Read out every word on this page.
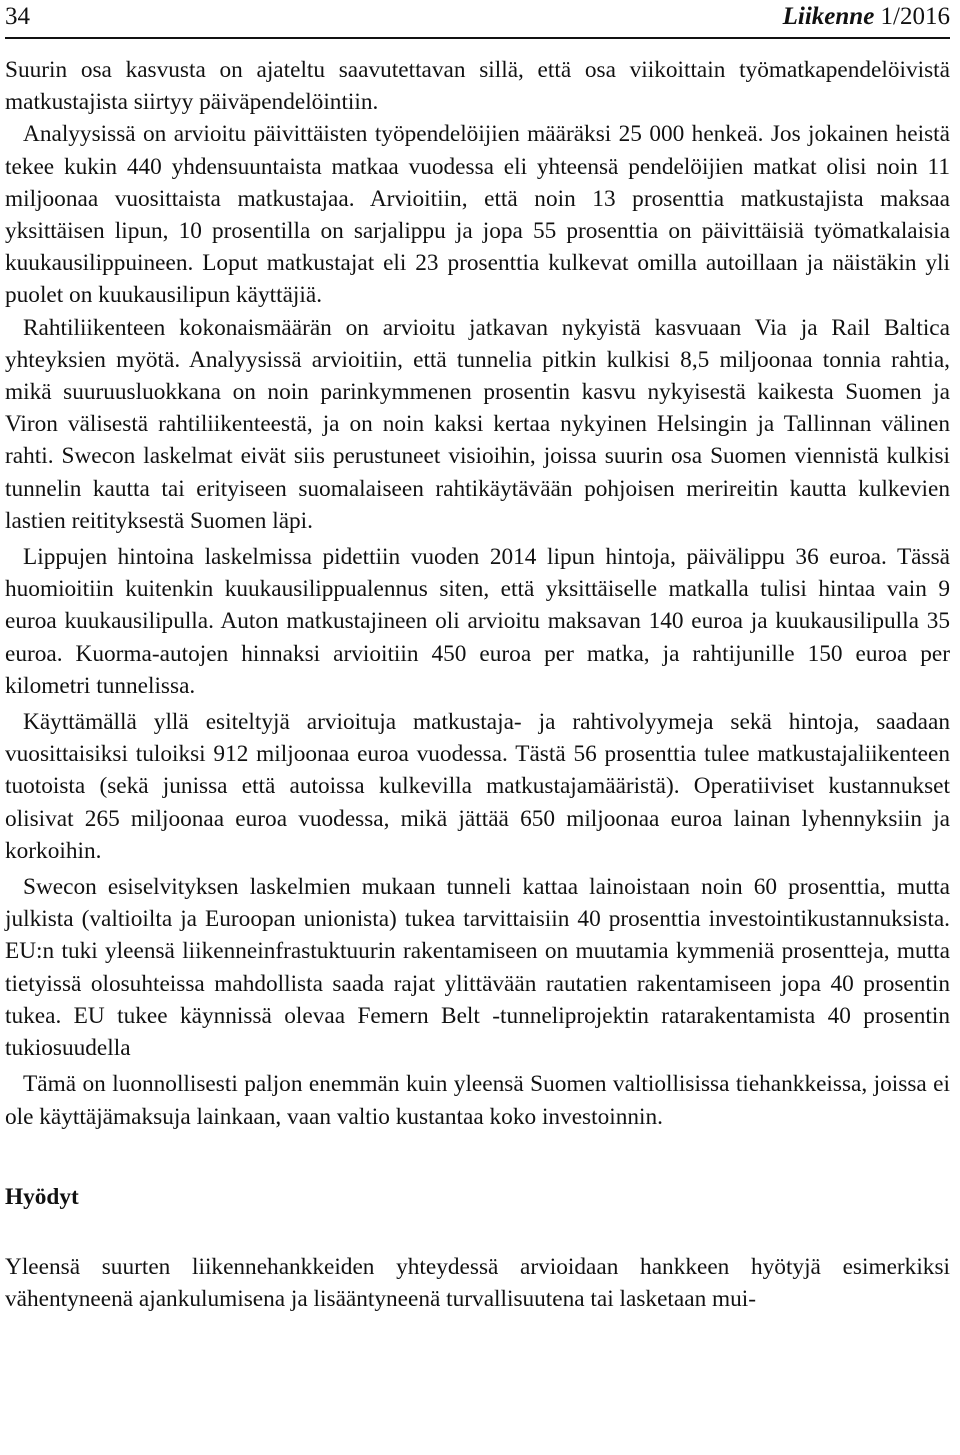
34	Liikenne 1/2016

Suurin osa kasvusta on ajateltu saavutettavan sillä, että osa viikoittain työmatkapendelöivistä matkustajista siirtyy päiväpendelöintiin.

Analyysissä on arvioitu päivittäisten työpendelöijien määräksi 25 000 henkeä. Jos jokainen heistä tekee kukin 440 yhdensuuntaista matkaa vuodessa eli yhteensä pendelöijien matkat olisi noin 11 miljoonaa vuosittaista matkustajaa. Arvioitiin, että noin 13 prosenttia matkustajista maksaa yksittäisen lipun, 10 prosentilla on sarjalippu ja jopa 55 prosenttia on päivittäisiä työmatkalaisia kuukausilippuineen. Loput matkustajat eli 23 prosenttia kulkevat omilla autoillaan ja näistäkin yli puolet on kuukausilipun käyttäjiä.

Rahtiliikenteen kokonaismäärän on arvioitu jatkavan nykyistä kasvuaan Via ja Rail Baltica yhteyksien myötä. Analyysissä arvioitiin, että tunnelia pitkin kulkisi 8,5 miljoonaa tonnia rahtia, mikä suuruusluokkana on noin parinkymmenen prosentin kasvu nykyisestä kaikesta Suomen ja Viron välisestä rahtiliikenteestä, ja on noin kaksi kertaa nykyinen Helsingin ja Tallinnan välinen rahti. Swecon laskelmat eivät siis perustuneet visioihin, joissa suurin osa Suomen viennistä kulkisi tunnelin kautta tai erityiseen suomalaiseen rahtikäytävään pohjoisen merireitin kautta kulkevien lastien reitityksestä Suomen läpi.

Lippujen hintoina laskelmissa pidettiin vuoden 2014 lipun hintoja, päivälippu 36 euroa. Tässä huomioitiin kuitenkin kuukausilippualennus siten, että yksittäiselle matkalla tulisi hintaa vain 9 euroa kuukausilipulla. Auton matkustajineen oli arvioitu maksavan 140 euroa ja kuukausilipulla 35 euroa. Kuorma-autojen hinnaksi arvioitiin 450 euroa per matka, ja rahtijunille 150 euroa per kilometri tunnelissa.

Käyttämällä yllä esiteltyjä arvioituja matkustaja- ja rahtivolyymeja sekä hintoja, saadaan vuosittaisiksi tuloiksi 912 miljoonaa euroa vuodessa. Tästä 56 prosenttia tulee matkustajaliikenteen tuotoista (sekä junissa että autoissa kulkevilla matkustajamääristä). Operatiiviset kustannukset olisivat 265 miljoonaa euroa vuodessa, mikä jättää 650 miljoonaa euroa lainan lyhennyksiin ja korkoihin.

Swecon esiselvityksen laskelmien mukaan tunneli kattaa lainoistaan noin 60 prosenttia, mutta julkista (valtioilta ja Euroopan unionista) tukea tarvittaisiin 40 prosenttia investointikustannuksista. EU:n tuki yleensä liikenneinfrastuktuurin rakentamiseen on muutamia kymmeniä prosentteja, mutta tietyissä olosuhteissa mahdollista saada rajat ylittävään rautatien rakentamiseen jopa 40 prosentin tukea. EU tukee käynnissä olevaa Femern Belt -tunneliprojektin ratarakentamista 40 prosentin tukiosuudella

Tämä on luonnollisesti paljon enemmän kuin yleensä Suomen valtiollisissa tiehankkeissa, joissa ei ole käyttäjämaksuja lainkaan, vaan valtio kustantaa koko investoinnin.

Hyödyt

Yleensä suurten liikennehankkeiden yhteydessä arvioidaan hankkeen hyötyjä esimerkiksi vähentyneenä ajankulumisena ja lisääntyneenä turvallisuutena tai lasketaan mui-
